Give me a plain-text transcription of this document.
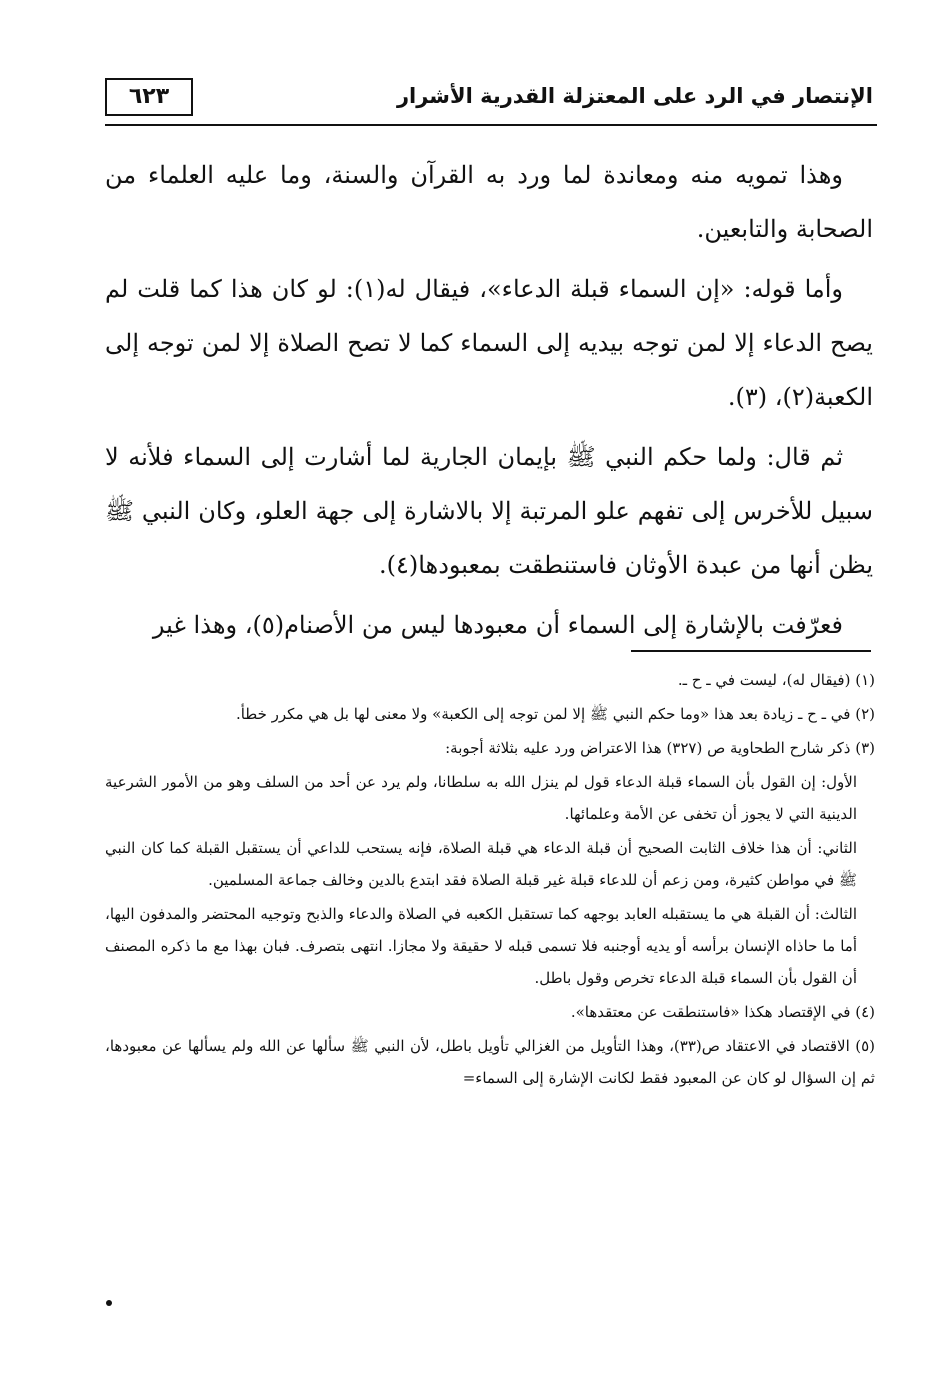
الإنتصار في الرد على المعتزلة القدرية الأشرار
٦٢٣

وهذا تمويه منه ومعاندة لما ورد به القرآن والسنة، وما عليه العلماء من الصحابة والتابعين.

وأما قوله: «إن السماء قبلة الدعاء»، فيقال له(١): لو كان هذا كما قلت لم يصح الدعاء إلا لمن توجه بيديه إلى السماء كما لا تصح الصلاة إلا لمن توجه إلى الكعبة(٢)، (٣).

ثم قال: ولما حكم النبي ﷺ بإيمان الجارية لما أشارت إلى السماء فلأنه لا سبيل للأخرس إلى تفهم علو المرتبة إلا بالاشارة إلى جهة العلو، وكان النبي ﷺ يظن أنها من عبدة الأوثان فاستنطقت بمعبودها(٤).

فعرّفت بالإشارة إلى السماء أن معبودها ليس من الأصنام(٥)، وهذا غير

(١) (فيقال له)، ليست في ـ ح ـ.
(٢) في ـ ح ـ زيادة بعد هذا «وما حكم النبي ﷺ إلا لمن توجه إلى الكعبة» ولا معنى لها بل هي مكرر خطأ.
(٣) ذكر شارح الطحاوية ص (٣٢٧) هذا الاعتراض ورد عليه بثلاثة أجوبة:
الأول: إن القول بأن السماء قبلة الدعاء قول لم ينزل الله به سلطانا، ولم يرد عن أحد من السلف وهو من الأمور الشرعية الدينية التي لا يجوز أن تخفى عن الأمة وعلمائها.
الثاني: أن هذا خلاف الثابت الصحيح أن قبلة الدعاء هي قبلة الصلاة، فإنه يستحب للداعي أن يستقبل القبلة كما كان النبي ﷺ في مواطن كثيرة، ومن زعم أن للدعاء قبلة غير قبلة الصلاة فقد ابتدع بالدين وخالف جماعة المسلمين.
الثالث: أن القبلة هي ما يستقبله العابد بوجهه كما تستقبل الكعبه في الصلاة والدعاء والذبح وتوجيه المحتضر والمدفون اليها، أما ما حاذاه الإنسان برأسه أو يديه أوجنبه فلا تسمى قبله لا حقيقة ولا مجازا. انتهى بتصرف. فبان بهذا مع ما ذكره المصنف أن القول بأن السماء قبلة الدعاء تخرص وقول باطل.
(٤) في الإقتصاد هكذا «فاستنطقت عن معتقدها».
(٥) الاقتصاد في الاعتقاد ص(٣٣)، وهذا التأويل من الغزالي تأويل باطل، لأن النبي ﷺ سألها عن الله ولم يسألها عن معبودها، ثم إن السؤال لو كان عن المعبود فقط لكانت الإشارة إلى السماء=
